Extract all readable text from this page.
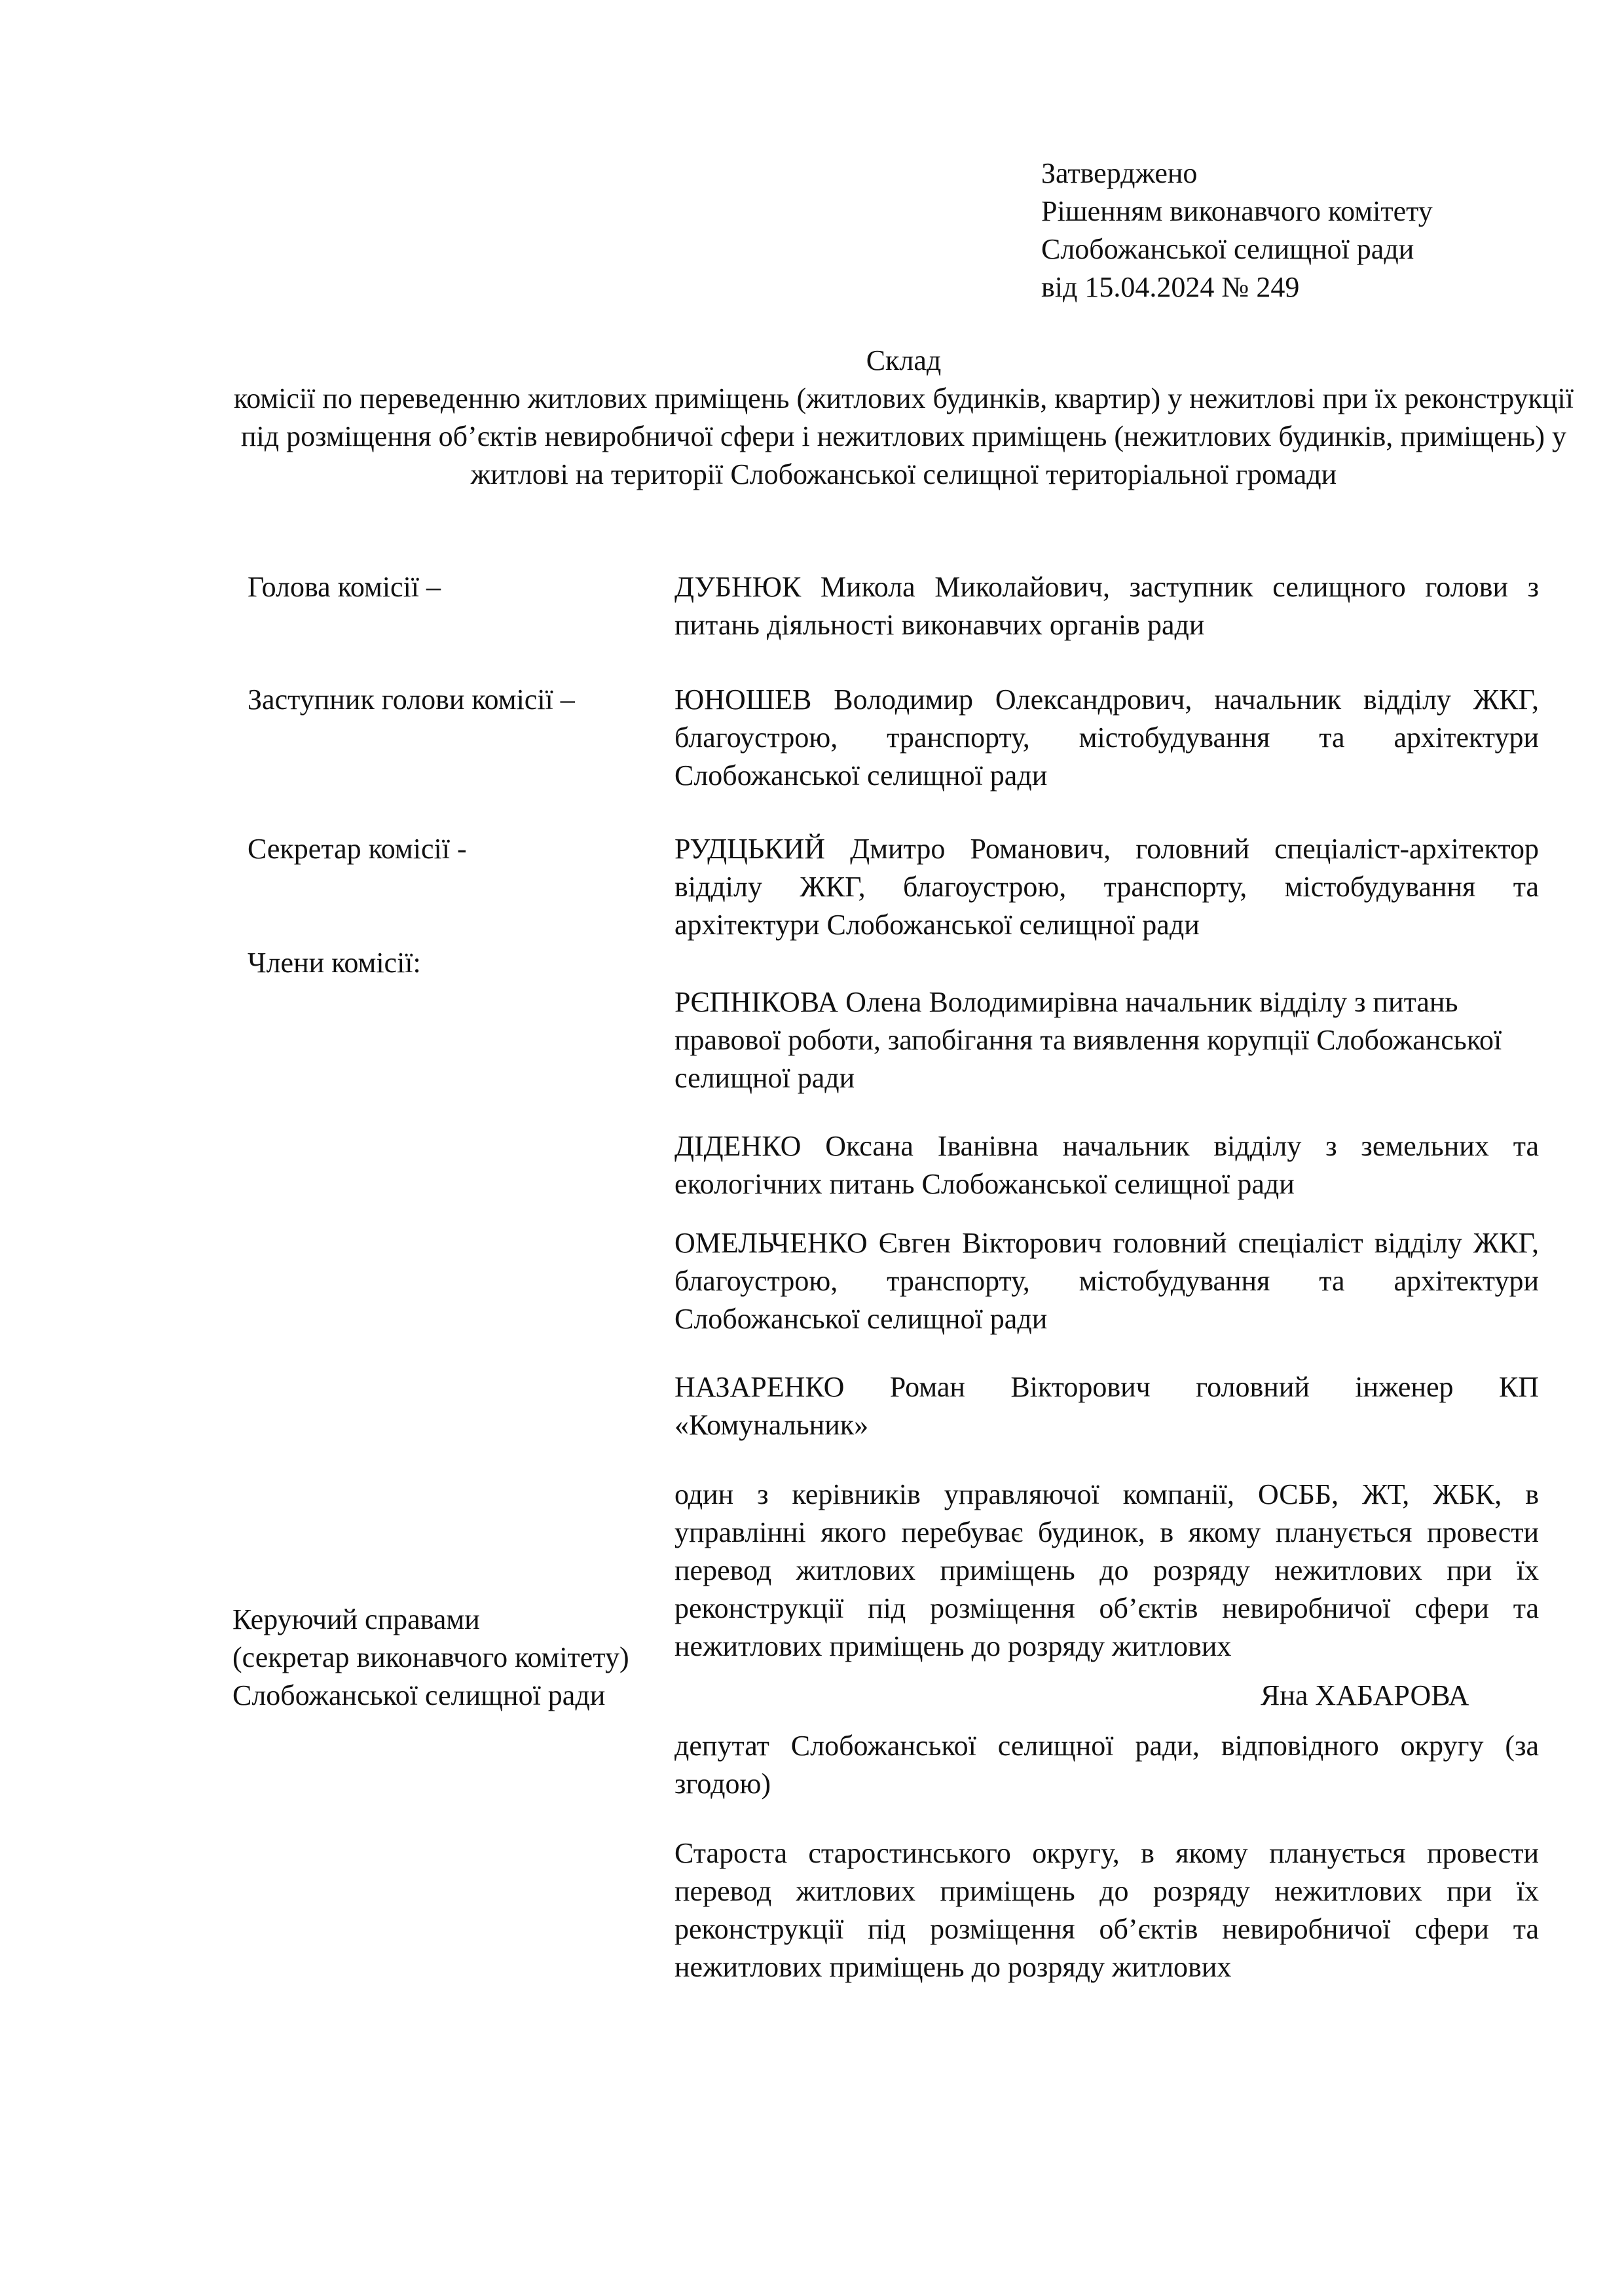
Затверджено
Рішенням виконавчого комітету
Слобожанської селищної ради
від 15.04.2024 № 249
Склад
комісії по переведенню житлових приміщень (житлових будинків, квартир) у нежитлові при їх реконструкції під розміщення об’єктів невиробничої сфери і нежитлових приміщень (нежитлових будинків, приміщень) у житлові на території Слобожанської селищної територіальної громади
Голова комісії –	ДУБНЮК Микола Миколайович, заступник селищного голови з питань діяльності виконавчих органів ради
Заступник голови комісії –	ЮНОШЕВ Володимир Олександрович, начальник відділу ЖКГ, благоустрою, транспорту, містобудування та архітектури Слобожанської селищної ради
Секретар комісії -	РУДЦЬКИЙ Дмитро Романович, головний спеціаліст-архітектор відділу ЖКГ, благоустрою, транспорту, містобудування та архітектури Слобожанської селищної ради
Члени комісії:
РЄПНІКОВА Олена Володимирівна начальник відділу з питань правової роботи, запобігання та виявлення корупції Слобожанської селищної ради
ДІДЕНКО Оксана Іванівна начальник відділу з земельних та екологічних питань Слобожанської селищної ради
ОМЕЛЬЧЕНКО Євген Вікторович головний спеціаліст відділу ЖКГ, благоустрою, транспорту, містобудування та архітектури Слобожанської селищної ради
НАЗАРЕНКО Роман Вікторович головний інженер КП «Комунальник»
один з керівників управляючої компанії, ОСББ, ЖТ, ЖБК, в управлінні якого перебуває будинок, в якому планується провести перевод житлових приміщень до розряду нежитлових при їх реконструкції під розміщення об’єктів невиробничої сфери та нежитлових приміщень до розряду житлових
депутат Слобожанської селищної ради, відповідного округу (за згодою)
Староста старостинського округу, в якому планується провести перевод житлових приміщень до розряду нежитлових при їх реконструкції під розміщення об’єктів невиробничої сфери та нежитлових приміщень до розряду житлових
Керуючий справами
(секретар виконавчого комітету)
Слобожанської селищної ради	Яна ХАБАРОВА
